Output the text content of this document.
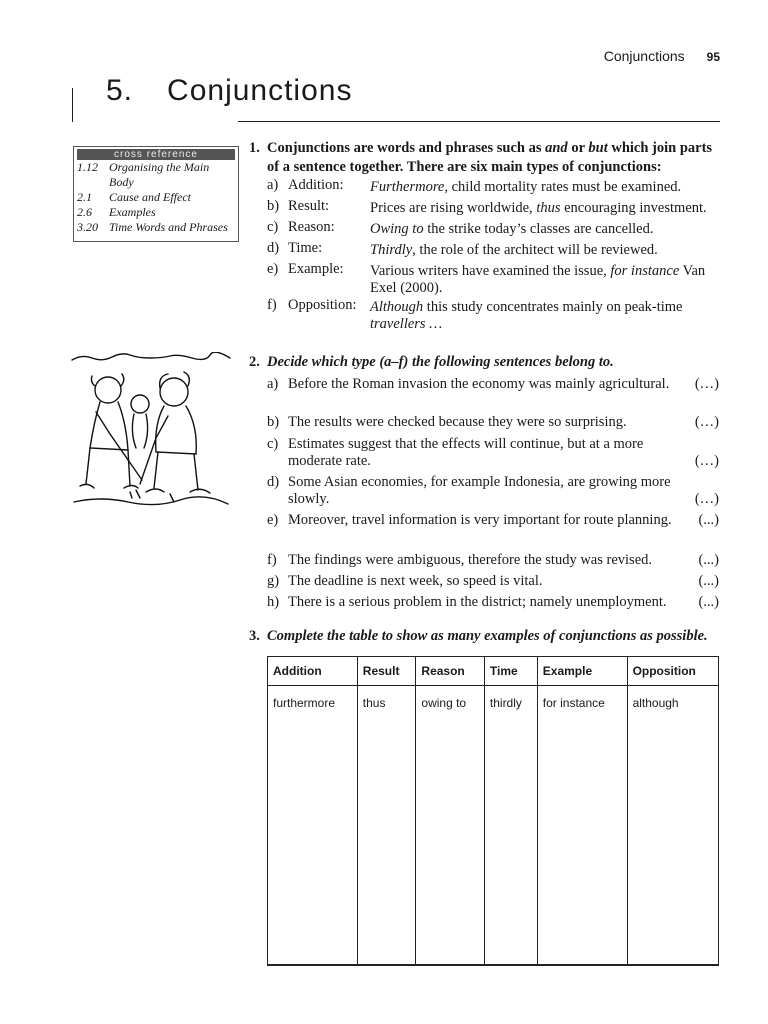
Conjunctions 95
5. Conjunctions
cross reference
1.12 Organising the Main Body
2.1	Cause and Effect
2.6	Examples
3.20 Time Words and Phrases
1. Conjunctions are words and phrases such as and or but which join parts of a sentence together. There are six main types of conjunctions:
a) Addition: Furthermore, child mortality rates must be examined.
b) Result:	Prices are rising worldwide, thus encouraging investment.
c) Reason: Owing to the strike today’s classes are cancelled.
d) Time:	Thirdly, the role of the architect will be reviewed.
e) Example: Various writers have examined the issue, for instance Van Exel (2000).
f) Opposition: Although this study concentrates mainly on peak-time travellers …
2. Decide which type (a–f) the following sentences belong to.
a) Before the Roman invasion the economy was mainly agricultural.	(…)
b) The results were checked because they were so surprising.	(…)
c) Estimates suggest that the effects will continue, but at a more moderate rate.	(…)
d) Some Asian economies, for example Indonesia, are growing more slowly.	(…)
e) Moreover, travel information is very important for route planning.	(...)
f) The findings were ambiguous, therefore the study was revised.	(...)
g) The deadline is next week, so speed is vital.	(...)
h) There is a serious problem in the district; namely unemployment.	(...)
3. Complete the table to show as many examples of conjunctions as possible.
Addition	Result	Reason	Time	Example	Opposition
furthermore	thus	owing to	thirdly	for instance	although
